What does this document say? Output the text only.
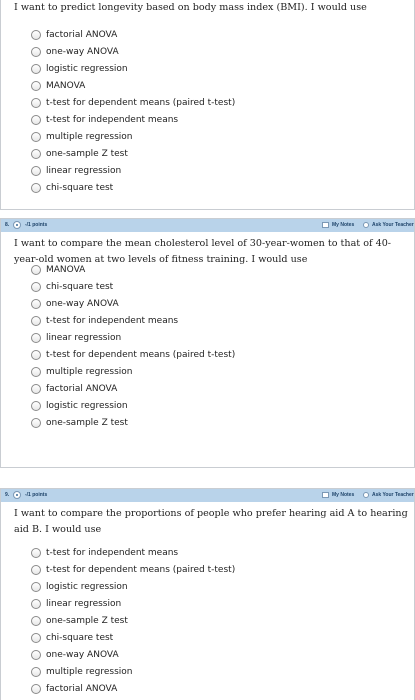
I want to predict longevity based on body mass index (BMI). I would use
factorial ANOVA
one-way ANOVA
logistic regression
MANOVA
t-test for dependent means (paired t-test)
t-test for independent means
multiple regression
one-sample Z test
linear regression
chi-square test
8.	-/1 points	My Notes	Ask Your Teacher
I want to compare the mean cholesterol level of 30-year-women to that of 40-year-old women at two levels of fitness training. I would use
MANOVA
chi-square test
one-way ANOVA
t-test for independent means
linear regression
t-test for dependent means (paired t-test)
multiple regression
factorial ANOVA
logistic regression
one-sample Z test
9.	-/1 points	My Notes	Ask Your Teacher
I want to compare the proportions of people who prefer hearing aid A to hearing aid B. I would use
t-test for independent means
t-test for dependent means (paired t-test)
logistic regression
linear regression
one-sample Z test
chi-square test
one-way ANOVA
multiple regression
factorial ANOVA
